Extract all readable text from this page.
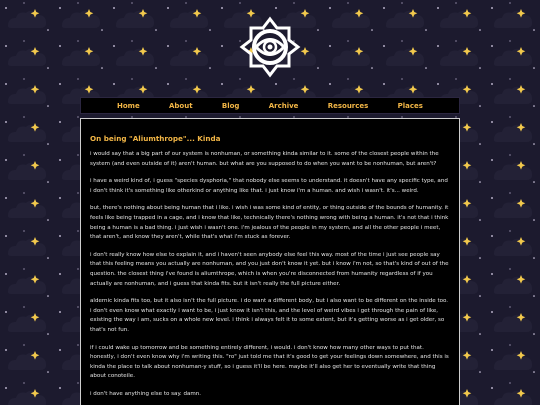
Home	About	Blog	Archive	Resources	Places
On being "Aliumthrope"... Kinda

i would say that a big part of our system is nonhuman, or something kinda similar to it. some of the closest people within the system (and even outside of it) aren't human. but what are you supposed to do when you want to be nonhuman, but aren't?

i have a weird kind of, i guess "species dysphoria," that nobody else seems to understand. it doesn't have any specific type, and i don't think it's something like otherkind or anything like that. i just know i'm a human. and wish i wasn't. it's... weird.

but, there's nothing about being human that i like. i wish i was some kind of entity, or thing outside of the bounds of humanity. it feels like being trapped in a cage, and i know that like, technically there's nothing wrong with being a human. it's not that i think being a human is a bad thing. i just wish i wasn't one. i'm jealous of the people in my system, and all the other people i meet, that aren't, and know they aren't, while that's what i'm stuck as forever.

i don't really know how else to explain it, and i haven't seen anybody else feel this way. most of the time i just see people say that this feeling means you actually are nonhuman, and you just don't know it yet. but i know i'm not, so that's kind of out of the question. the closest thing i've found is aliumthrope, which is when you're disconnected from humanity regardless of if you actually are nonhuman, and i guess that kinda fits. but it isn't really the full picture either.

aldernic kinda fits too, but it also isn't the full picture. i do want a different body, but i also want to be different on the inside too. i don't even know what exactly i want to be, i just know it isn't this, and the level of weird vibes i get through the pain of like, existing the way i am, sucks on a whole new level. i think i always felt it to some extent, but it's getting worse as i get older, so that's not fun.

if i could wake up tomorrow and be something entirely different, i would. i don't know how many other ways to put that. honestly, i don't even know why i'm writing this. "ro" just told me that it's good to get your feelings down somewhere, and this is kinda the place to talk about nonhuman-y stuff, so i guess it'll be here. maybe it'll also get her to eventually write that thing about conoteile.

i don't have anything else to say. damn.
